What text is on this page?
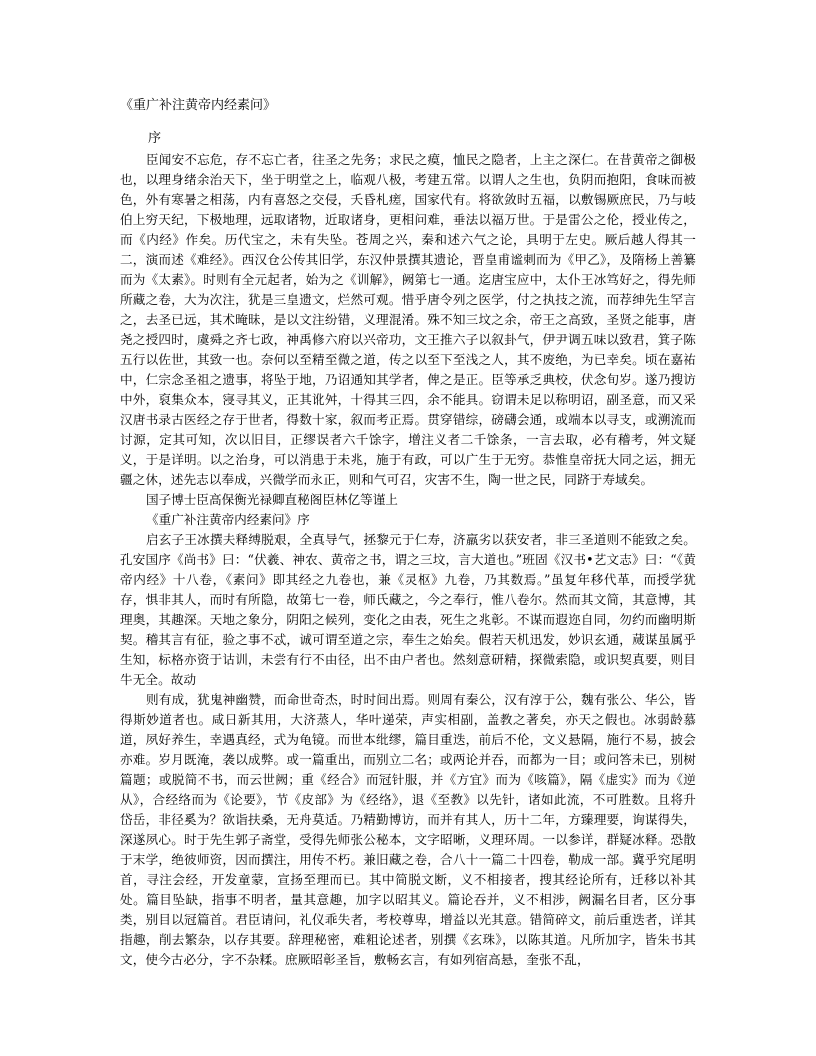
《重广补注黄帝内经素问》

序

臣闻安不忘危，存不忘亡者，往圣之先务；求民之瘼，恤民之隐者，上主之深仁。在昔黄帝之御极也，以理身绪余治天下，坐于明堂之上，临观八极，考建五常。以谓人之生也，负阴而抱阳，食味而被色，外有寒暑之相荡，内有喜怒之交侵，夭昏札瘥，国家代有。将欲敛时五福，以敷锡厥庶民，乃与岐伯上穷天纪，下极地理，远取诸物，近取诸身，更相问难，垂法以福万世。于是雷公之伦，授业传之，而《内经》作矣。历代宝之，未有失坠。苍周之兴，秦和述六气之论，具明于左史。厥后越人得其一二，演而述《难经》。西汉仓公传其旧学，东汉仲景撰其遗论，晋皇甫谧刺而为《甲乙》，及隋杨上善纂而为《太素》。时则有全元起者，始为之《训解》，阙第七一通。迄唐宝应中，太仆王冰笃好之，得先师所藏之卷，大为次注，犹是三皇遗文，烂然可观。惜乎唐令列之医学，付之执技之流，而荐绅先生罕言之，去圣已远，其术晻昧，是以文注纷错，义理混淆。殊不知三坟之余，帝王之高致，圣贤之能事，唐尧之授四时，虞舜之齐七政，神禹修六府以兴帝功，文王推六子以叙卦气，伊尹调五味以致君，箕子陈五行以佐世，其致一也。奈何以至精至微之道，传之以至下至浅之人，其不废绝，为已幸矣。顷在嘉祐中，仁宗念圣祖之遗事，将坠于地，乃诏通知其学者，俾之是正。臣等承乏典校，伏念旬岁。遂乃搜访中外，裒集众本，寖寻其义，正其讹舛，十得其三四，余不能具。窃谓未足以称明诏，副圣意，而又采汉唐书录古医经之存于世者，得数十家，叙而考正焉。贯穿错综，磅礴会通，或端本以寻支，或溯流而讨源，定其可知，次以旧目，正缪误者六千馀字，增注义者二千馀条，一言去取，必有稽考，舛文疑义，于是详明。以之治身，可以消患于未兆，施于有政，可以广生于无穷。恭惟皇帝抚大同之运，拥无疆之休，述先志以奉成，兴微学而永正，则和气可召，灾害不生，陶一世之民，同跻于寿域矣。

国子博士臣高保衡光禄卿直秘阁臣林亿等谨上

《重广补注黄帝内经素问》序

启玄子王冰撰夫释缚脱艰，全真导气，拯黎元于仁寿，济羸劣以获安者，非三圣道则不能致之矣。孔安国序《尚书》曰：“伏羲、神农、黄帝之书，谓之三坟，言大道也。”班固《汉书•艺文志》曰：“《黄帝内经》十八卷，《素问》即其经之九卷也，兼《灵枢》九卷，乃其数焉。”虽复年移代革，而授学犹存，惧非其人，而时有所隐，故第七一卷，师氏藏之，今之奉行，惟八卷尔。然而其文简，其意博，其理奥，其趣深。天地之象分，阴阳之候列，变化之由表，死生之兆彰。不谋而遐迩自同，勿约而幽明斯契。稽其言有征，验之事不忒，诚可谓至道之宗，奉生之始矣。假若天机迅发，妙识玄通，蒇谋虽属乎生知，标格亦资于诂训，未尝有行不由径，出不由户者也。然刻意研精，探微索隐，或识契真要，则目牛无全。故动

则有成，犹鬼神幽赞，而命世奇杰，时时间出焉。则周有秦公，汉有淳于公，魏有张公、华公，皆得斯妙道者也。咸日新其用，大济蒸人，华叶递荣，声实相副，盖教之著矣，亦天之假也。冰弱龄慕道，夙好养生，幸遇真经，式为龟镜。而世本纰缪，篇目重迭，前后不伦，文义悬隔，施行不易，披会亦难。岁月既淹，袭以成弊。或一篇重出，而别立二名；或两论并吞，而都为一目；或问答未已，别树篇题；或脱简不书，而云世阙；重《经合》而冠针服，并《方宜》而为《咳篇》，隔《虚实》而为《逆从》，合经络而为《论要》，节《皮部》为《经络》，退《至教》以先针，诸如此流，不可胜数。且将升岱岳，非径奚为？欲诣扶桑，无舟莫适。乃精勤博访，而并有其人，历十二年，方臻理要，询谋得失，深遂夙心。时于先生郭子斋堂，受得先师张公秘本，文字昭晰，义理环周。一以参详，群疑冰释。恐散于末学，绝彼师资，因而撰注，用传不朽。兼旧藏之卷，合八十一篇二十四卷，勒成一部。冀乎究尾明首，寻注会经，开发童蒙，宣扬至理而已。其中简脱文断，义不相接者，搜其经论所有，迁移以补其处。篇目坠缺，指事不明者，量其意趣，加字以昭其义。篇论吞并，义不相涉，阙漏名目者，区分事类，别目以冠篇首。君臣请问，礼仪乖失者，考校尊卑，增益以光其意。错简碎文，前后重迭者，详其指趣，削去繁杂，以存其要。辞理秘密，难粗论述者，别撰《玄珠》，以陈其道。凡所加字，皆朱书其文，使今古必分，字不杂糅。庶厥昭彰圣旨，敷畅玄言，有如列宿高悬，奎张不乱，
